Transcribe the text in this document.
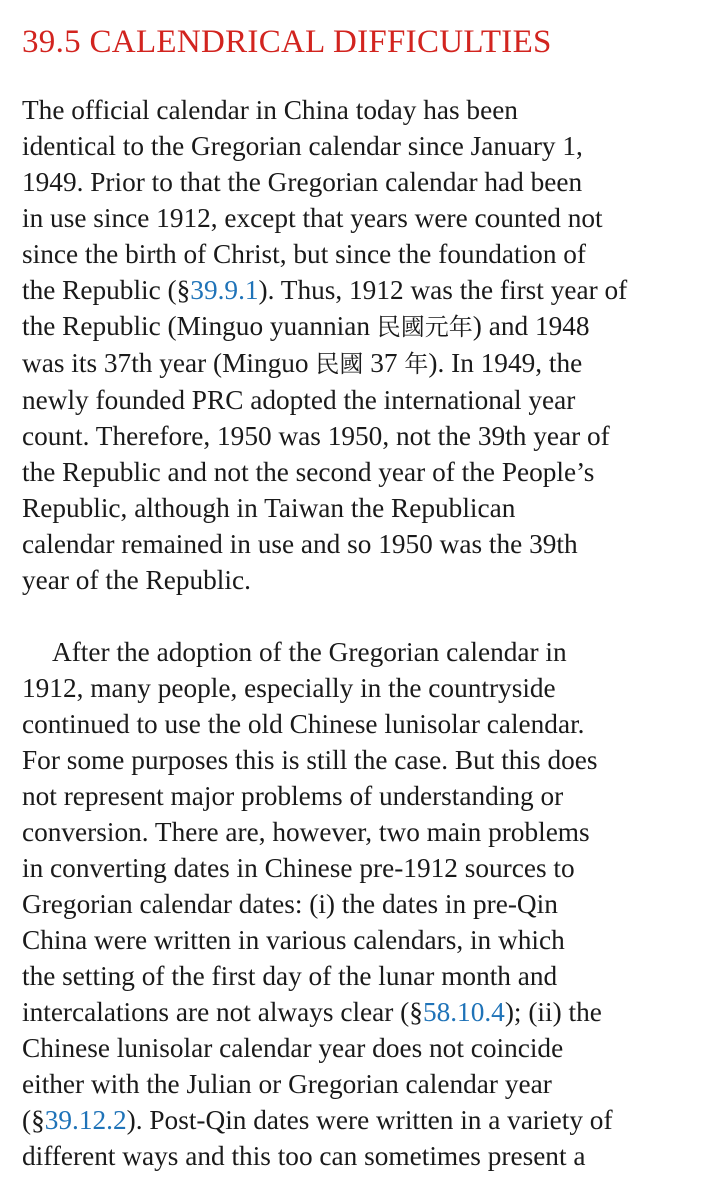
39.5 CALENDRICAL DIFFICULTIES

The official calendar in China today has been
identical to the Gregorian calendar since January 1,
1949. Prior to that the Gregorian calendar had been
in use since 1912, except that years were counted not
since the birth of Christ, but since the foundation of
the Republic (§39.9.1). Thus, 1912 was the first year of
the Republic (Minguo yuannian 民國元年) and 1948
was its 37th year (Minguo 民國 37 年). In 1949, the
newly founded PRC adopted the international year
count. Therefore, 1950 was 1950, not the 39th year of
the Republic and not the second year of the People’s
Republic, although in Taiwan the Republican
calendar remained in use and so 1950 was the 39th
year of the Republic.

After the adoption of the Gregorian calendar in
1912, many people, especially in the countryside
continued to use the old Chinese lunisolar calendar.
For some purposes this is still the case. But this does
not represent major problems of understanding or
conversion. There are, however, two main problems
in converting dates in Chinese pre-1912 sources to
Gregorian calendar dates: (i) the dates in pre-Qin
China were written in various calendars, in which
the setting of the first day of the lunar month and
intercalations are not always clear (§58.10.4); (ii) the
Chinese lunisolar calendar year does not coincide
either with the Julian or Gregorian calendar year
(§39.12.2). Post-Qin dates were written in a variety of
different ways and this too can sometimes present a
